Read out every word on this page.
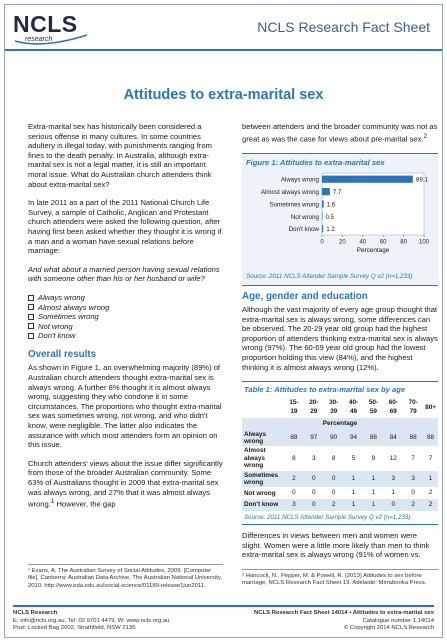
NCLS
research
NCLS Research Fact Sheet
Attitudes to extra-marital sex

Extra-marital sex has historically been considered a serious offense in many cultures. In some countries adultery is illegal today, with punishments ranging from fines to the death penalty. In Australia, although extra-marital sex is not a legal matter, it is still an important moral issue. What do Australian church attenders think about extra-marital sex?

In late 2011 as a part of the 2011 National Church Life Survey, a sample of Catholic, Anglican and Protestant church attenders were asked the following question, after having first been asked whether they thought it is wrong if a man and a woman have sexual relations before marriage:

And what about a married person having sexual relations with someone other than his or her husband or wife?

Always wrong
Almost always wrong
Sometimes wrong
Not wrong
Don't know
Overall results

As shown in Figure 1, an overwhelming majority (89%) of Australian church attenders thought extra-marital sex is always wrong. A further 8% thought it is almost always wrong, suggesting they who condone it in some circumstances. The proportions who thought extra-marital sex was sometimes wrong, not wrong, and who didn't know, were negligible. The latter also indicates the assurance with which most attenders form an opinion on this issue.

Church attenders' views about the issue differ significantly from those of the broader Australian community. Some 63% of Australians thought in 2009 that extra-marital sex was always wrong, and 27% that it was almost always wrong.$^1$ However, the gap

between attenders and the broader community was not as great as was the case for views about pre-marital sex.$^2$

Figure 1: Attitudes to extra-marital sex
Always wrong	89.1
Almost always wrong 7.7
Sometimes wrong 1.6
Not wrong 0.5
Don't know 1.2
0	20 40 60 80 100
Percentage
Source: 2011 NCLS Attender Sample Survey Q v2 (n=1,233).
Age, gender and education

Although the vast majority of every age group thought that extra-marital sex is always wrong, some differences can be observed. The 20-29 year old group had the highest proportion of attenders thinking extra-marital sex is always wrong (97%). The 60-69 year old group had the lowest proportion holding this view (84%), and the highest thinking it is almost always wrong (12%).

Table 1: Attitudes to extra-marital sex by age
	15-19	20-29	30-39	40-49	50-59	60-69	70-79	80+
Percentage								
Always wrong	88	97	90	94	88	84	88	88
Almost always wrong	8	3	8	5	9	12	7	7
Sometimes wrong	2	0	0	1	1	3	3	1
Not wrong	0	0	0	1	1	1	0	2
Don't know	3	0	2	1	1	0	2	2
Source: 2011 NCLS Attender Sample Survey Q v2 (n=1,233).

Differences in views between men and women were slight. Women were a little more likely than men to think extra-marital sex is always wrong (91% of women vs.

¹ Evans, A. The Australian Survey of Social Attitudes, 2009. [Computer file]. Canberra: Australian Data Archive, The Australian National University, 2010. http://www.eda.edu.au/social-science/01189-release1jun2011.
² Hancock, N., Pepper, M. & Powell, R. (2013) Attitudes to sex before marriage, NCLS Research Fact Sheet 19. Adelaide: Mirrabooka Press.
NCLS Research
E: info@ncls.org.au, Tel: 02 9701 4479, W: www.ncls.org.au
Post: Locked Bag 2002, Strathfield, NSW 2135
NCLS Research Fact Sheet 14014 • Attitudes to extra-marital sex
Catalogue number 1.14014
© Copyright 2014 NCLS Research
